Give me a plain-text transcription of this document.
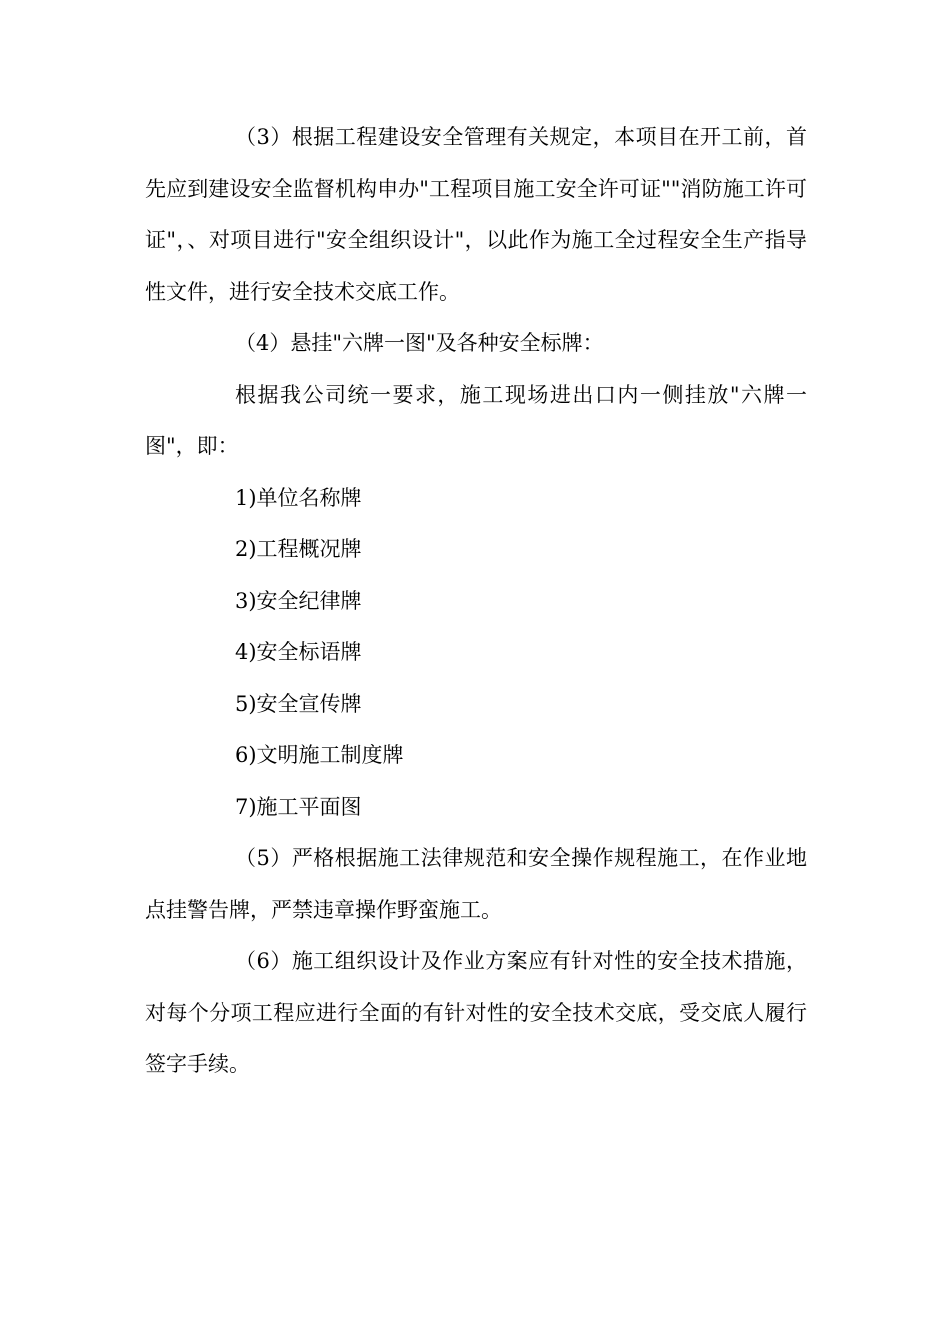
（3）根据工程建设安全管理有关规定，本项目在开工前，首先应到建设安全监督机构申办"工程项目施工安全许可证""消防施工许可证"，、对项目进行"安全组织设计"，以此作为施工全过程安全生产指导性文件，进行安全技术交底工作。

（4）悬挂"六牌一图"及各种安全标牌：

根据我公司统一要求，施工现场进出口内一侧挂放"六牌一图"，即：

1)单位名称牌
2)工程概况牌
3)安全纪律牌
4)安全标语牌
5)安全宣传牌
6)文明施工制度牌
7)施工平面图

（5）严格根据施工法律规范和安全操作规程施工，在作业地点挂警告牌，严禁违章操作野蛮施工。

（6）施工组织设计及作业方案应有针对性的安全技术措施，对每个分项工程应进行全面的有针对性的安全技术交底，受交底人履行签字手续。
